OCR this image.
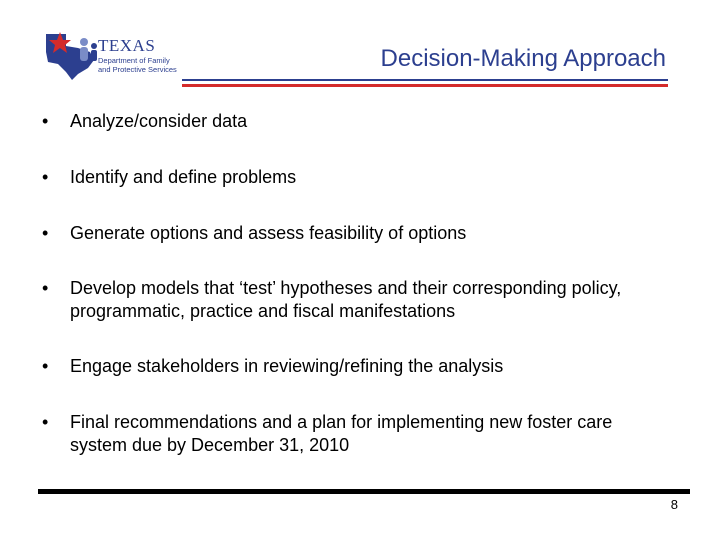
TEXAS
Department of Family
and Protective Services	Decision-Making Approach
•	Analyze/consider data
•	Identify and define problems
•	Generate options and assess feasibility of options
•	Develop models that ‘test’ hypotheses and their corresponding policy, programmatic, practice and fiscal manifestations
•	Engage stakeholders in reviewing/refining the analysis
•	Final recommendations and a plan for implementing new foster care system due by December 31, 2010
8
